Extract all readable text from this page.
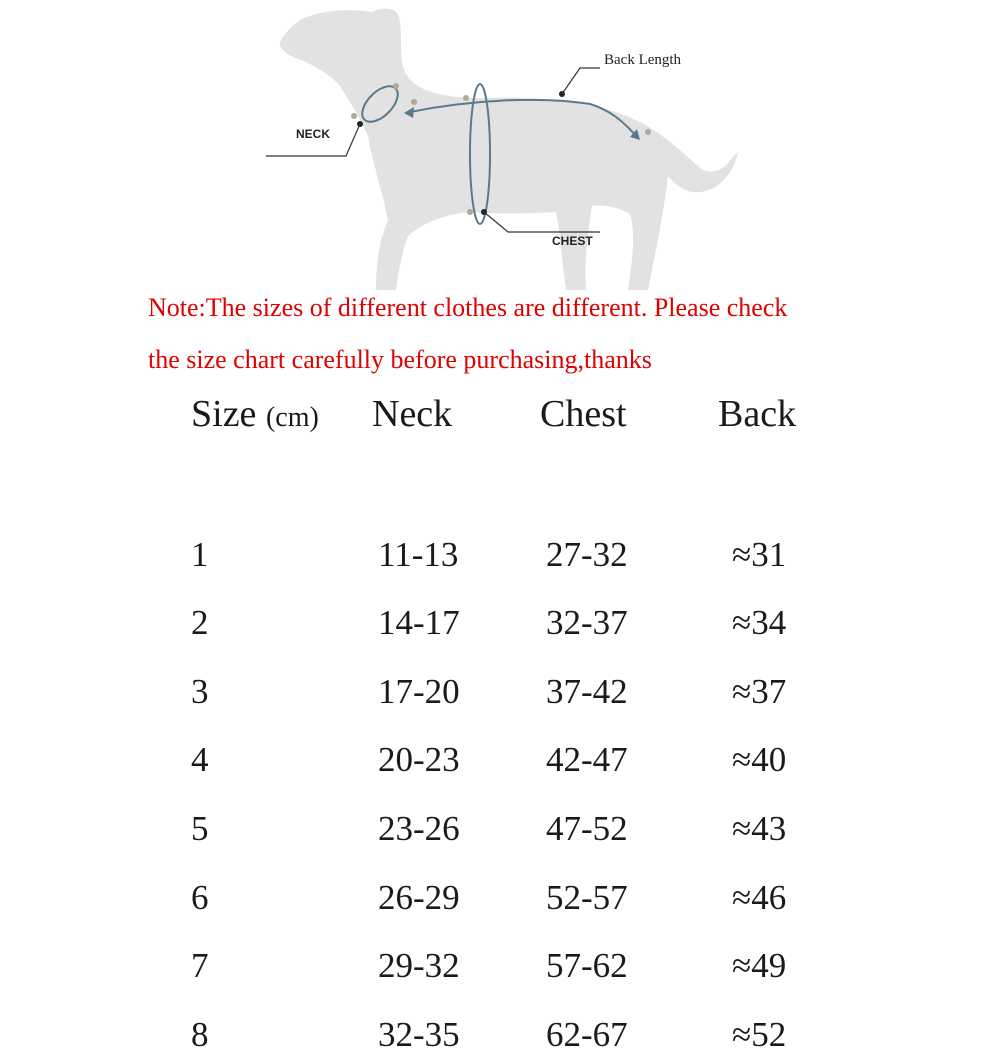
Back Length
NECK
CHEST
Note:The sizes of different clothes are different. Please check
the size chart carefully before purchasing,thanks
Size (cm) Neck Chest Back
1	11-13	27-32	≈31
2	14-17 32-37	≈34
3	17-20 37-42	≈37
4	20-23 42-47	≈40
5	23-26 47-52	≈43
6	26-29 52-57	≈46
7	29-32 57-62	≈49
8	32-35 62-67	≈52
